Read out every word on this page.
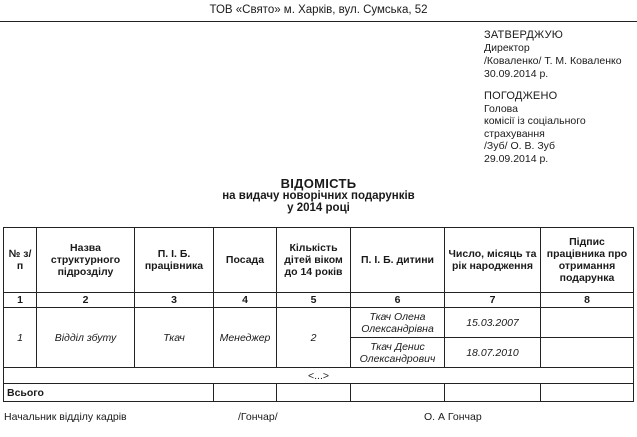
ТОВ «Свято» м. Харків, вул. Сумська, 52
ЗАТВЕРДЖУЮ
Директор
/Коваленко/ Т. М. Коваленко
30.09.2014 р.
ПОГОДЖЕНО
Голова
комісії із соціального
страхування
/Зуб/ О. В. Зуб
29.09.2014 р.
ВІДОМІСТЬ
на видачу новорічних подарунків
у 2014 році
№ з/п	Назва структурного підрозділу	П. І. Б. працівника	Посада	Кількість дітей віком до 14 років	П. І. Б. дитини	Число, місяць та рік народження	Підпис працівника про отримання подарунка
1	2	3	4	5	6	7	8
1	Відділ збуту	Ткач	Менеджер	2	Ткач Олена Олександрівна	15.03.2007	
					Ткач Денис Олександрович	18.07.2010	
<...>							
Всього							
Начальник відділу кадрів	/Гончар/	О. А Гончар
